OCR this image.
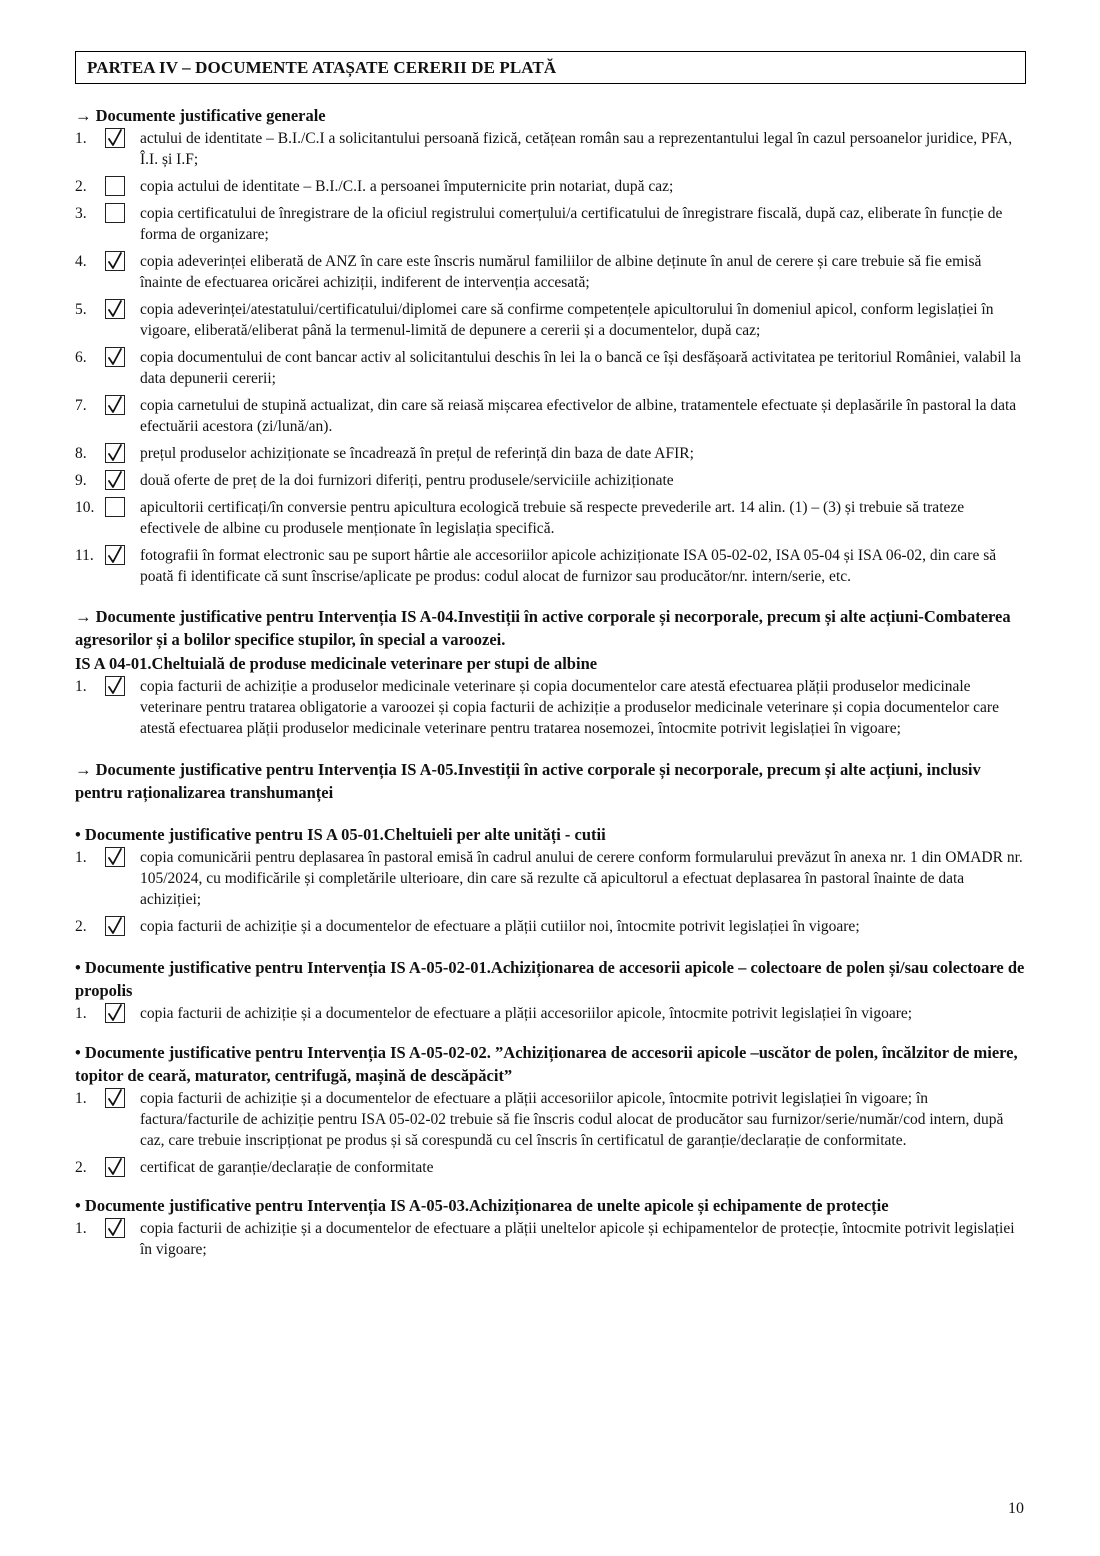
PARTEA IV – DOCUMENTE ATAȘATE CERERII DE PLATĂ
→ Documente justificative generale
1.	actului de identitate – B.I./C.I a solicitantului persoană fizică, cetățean român sau a reprezentantului legal în cazul persoanelor juridice, PFA, Î.I. și I.F;
2.	copia actului de identitate – B.I./C.I. a persoanei împuternicite prin notariat, după caz;
3.	copia certificatului de înregistrare de la oficiul registrului comerțului/a certificatului de înregistrare fiscală, după caz, eliberate în funcție de forma de organizare;
4.	copia adeverinței eliberată de ANZ în care este înscris numărul familiilor de albine deținute în anul de cerere și care trebuie să fie emisă înainte de efectuarea oricărei achiziții, indiferent de intervenția accesată;
5.	copia adeverinței/atestatului/certificatului/diplomei care să confirme competențele apicultorului în domeniul apicol, conform legislației în vigoare, eliberată/eliberat până la termenul-limită de depunere a cererii și a documentelor, după caz;
6.	copia documentului de cont bancar activ al solicitantului deschis în lei la o bancă ce își desfășoară activitatea pe teritoriul României, valabil la data depunerii cererii;
7.	copia carnetului de stupină actualizat, din care să reiasă mișcarea efectivelor de albine, tratamentele efectuate și deplasările în pastoral la data efectuării acestora (zi/lună/an).
8.	prețul produselor achiziționate se încadrează în prețul de referință din baza de date AFIR;
9.	două oferte de preț de la doi furnizori diferiți, pentru produsele/serviciile achiziționate
10.	apicultorii certificați/în conversie pentru apicultura ecologică trebuie să respecte prevederile art. 14 alin. (1) – (3) și trebuie să trateze efectivele de albine cu produsele menționate în legislația specifică.
11.	fotografii în format electronic sau pe suport hârtie ale accesoriilor apicole achiziționate ISA 05-02-02, ISA 05-04 și ISA 06-02, din care să poată fi identificate că sunt înscrise/aplicate pe produs: codul alocat de furnizor sau producător/nr. intern/serie, etc.
→ Documente justificative pentru Intervenția IS A-04.Investiții în active corporale și necorporale, precum și alte acțiuni-Combaterea agresorilor și a bolilor specifice stupilor, în special a varoozei.
IS A 04-01.Cheltuială de produse medicinale veterinare per stupi de albine
1.	copia facturii de achiziție a produselor medicinale veterinare și copia documentelor care atestă efectuarea plății produselor medicinale veterinare pentru tratarea obligatorie a varoozei și copia facturii de achiziție a produselor medicinale veterinare și copia documentelor care atestă efectuarea plății produselor medicinale veterinare pentru tratarea nosemozei, întocmite potrivit legislației în vigoare;
→ Documente justificative pentru Intervenția IS A-05.Investiții în active corporale și necorporale, precum și alte acțiuni, inclusiv pentru raționalizarea transhumanței
• Documente justificative pentru IS A 05-01.Cheltuieli per alte unități - cutii
1.	copia comunicării pentru deplasarea în pastoral emisă în cadrul anului de cerere conform formularului prevăzut în anexa nr. 1 din OMADR nr. 105/2024, cu modificările și completările ulterioare, din care să rezulte că apicultorul a efectuat deplasarea în pastoral înainte de data achiziției;
2.	copia facturii de achiziție și a documentelor de efectuare a plății cutiilor noi, întocmite potrivit legislației în vigoare;
• Documente justificative pentru Intervenția IS A-05-02-01.Achiziționarea de accesorii apicole – colectoare de polen și/sau colectoare de propolis
1.	copia facturii de achiziție și a documentelor de efectuare a plății accesoriilor apicole, întocmite potrivit legislației în vigoare;
• Documente justificative pentru Intervenția IS A-05-02-02. ”Achiziționarea de accesorii apicole –uscător de polen, încălzitor de miere, topitor de ceară, maturator, centrifugă, mașină de descăpăcit”
1.	copia facturii de achiziție și a documentelor de efectuare a plății accesoriilor apicole, întocmite potrivit legislației în vigoare; în factura/facturile de achiziție pentru ISA 05-02-02 trebuie să fie înscris codul alocat de producător sau furnizor/serie/număr/cod intern, după caz, care trebuie inscripționat pe produs și să corespundă cu cel înscris în certificatul de garanție/declarație de conformitate.
2.	certificat de garanție/declarație de conformitate
• Documente justificative pentru Intervenția IS A-05-03.Achiziționarea de unelte apicole și echipamente de protecție
1.	copia facturii de achiziție și a documentelor de efectuare a plății uneltelor apicole și echipamentelor de protecție, întocmite potrivit legislației în vigoare;
10
